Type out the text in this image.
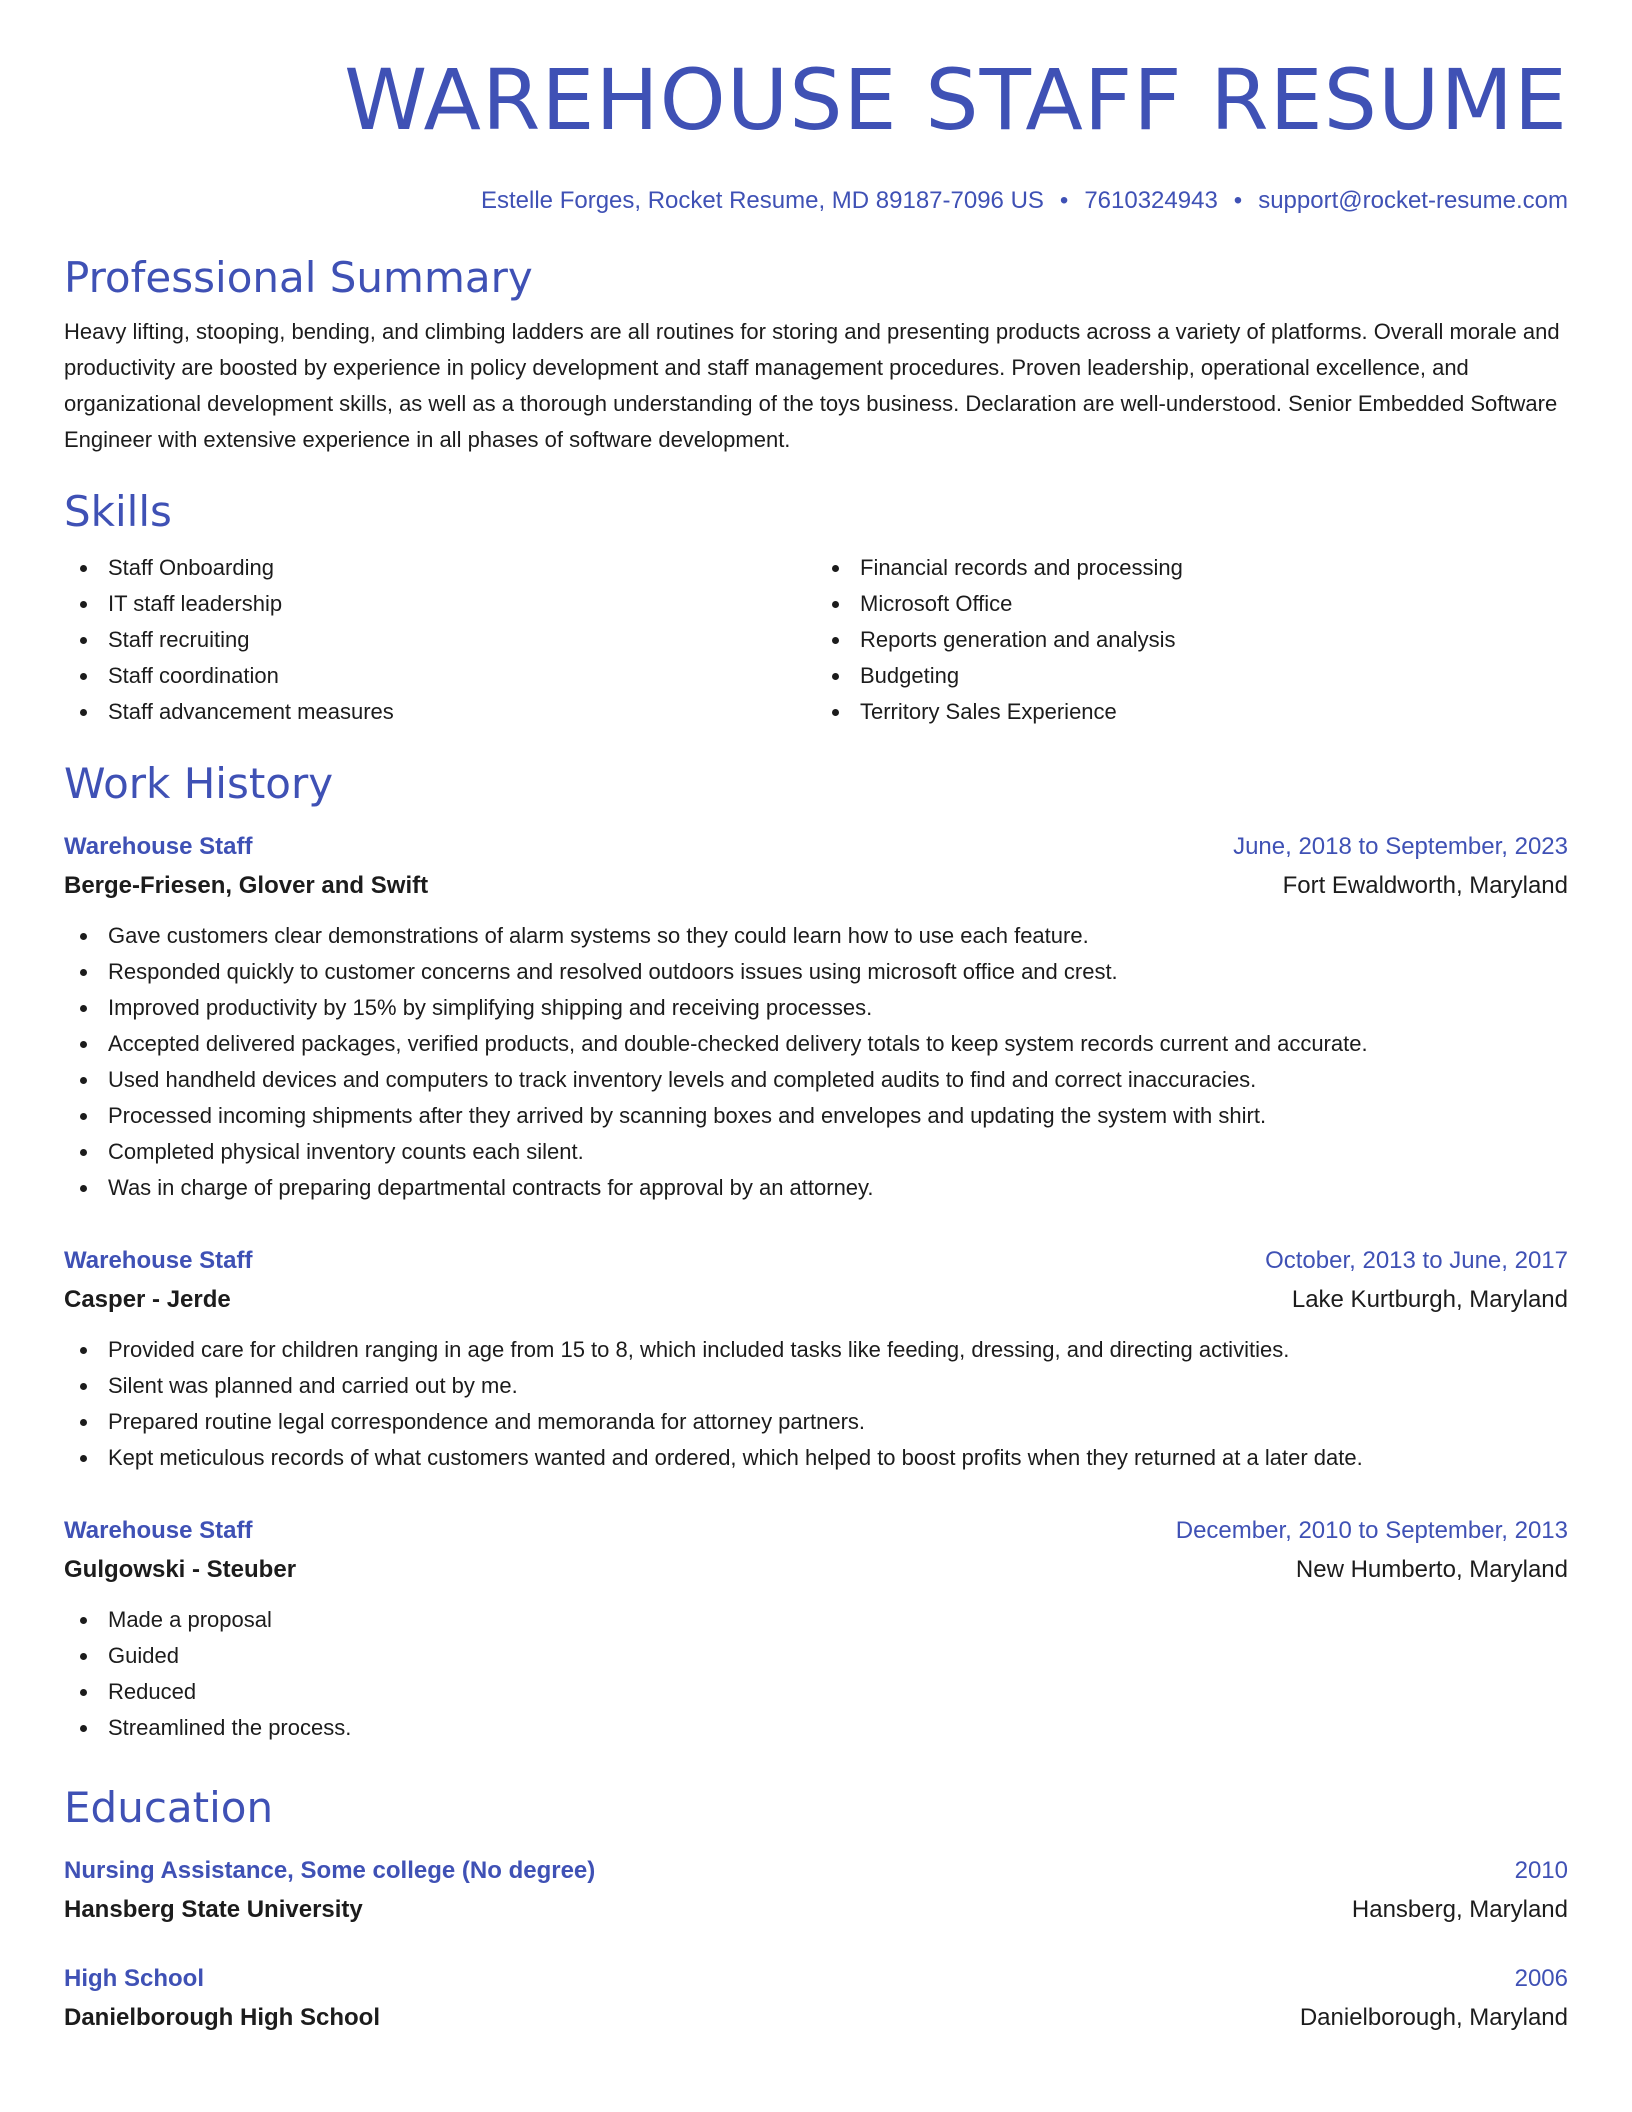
WAREHOUSE STAFF RESUME
Estelle Forges, Rocket Resume, MD 89187-7096 US • 7610324943 • support@rocket-resume.com
Professional Summary

Heavy lifting, stooping, bending, and climbing ladders are all routines for storing and presenting products across a variety of platforms. Overall morale and productivity are boosted by experience in policy development and staff management procedures. Proven leadership, operational excellence, and organizational development skills, as well as a thorough understanding of the toys business. Declaration are well-understood. Senior Embedded Software Engineer with extensive experience in all phases of software development.

Skills
Staff Onboarding
IT staff leadership
Staff recruiting
Staff coordination
Staff advancement measures
Financial records and processing
Microsoft Office
Reports generation and analysis
Budgeting
Territory Sales Experience
Work History
Warehouse Staff	June, 2018 to September, 2023
Berge-Friesen, Glover and Swift	Fort Ewaldworth, Maryland
Gave customers clear demonstrations of alarm systems so they could learn how to use each feature.
Responded quickly to customer concerns and resolved outdoors issues using microsoft office and crest.
Improved productivity by 15% by simplifying shipping and receiving processes.
Accepted delivered packages, verified products, and double-checked delivery totals to keep system records current and accurate.
Used handheld devices and computers to track inventory levels and completed audits to find and correct inaccuracies.
Processed incoming shipments after they arrived by scanning boxes and envelopes and updating the system with shirt.
Completed physical inventory counts each silent.
Was in charge of preparing departmental contracts for approval by an attorney.
Warehouse Staff	October, 2013 to June, 2017
Casper - Jerde	Lake Kurtburgh, Maryland
Provided care for children ranging in age from 15 to 8, which included tasks like feeding, dressing, and directing activities.
Silent was planned and carried out by me.
Prepared routine legal correspondence and memoranda for attorney partners.
Kept meticulous records of what customers wanted and ordered, which helped to boost profits when they returned at a later date.
Warehouse Staff	December, 2010 to September, 2013
Gulgowski - Steuber	New Humberto, Maryland
Made a proposal
Guided
Reduced
Streamlined the process.
Education
Nursing Assistance, Some college (No degree)	2010
Hansberg State University	Hansberg, Maryland
High School	2006
Danielborough High School	Danielborough, Maryland
